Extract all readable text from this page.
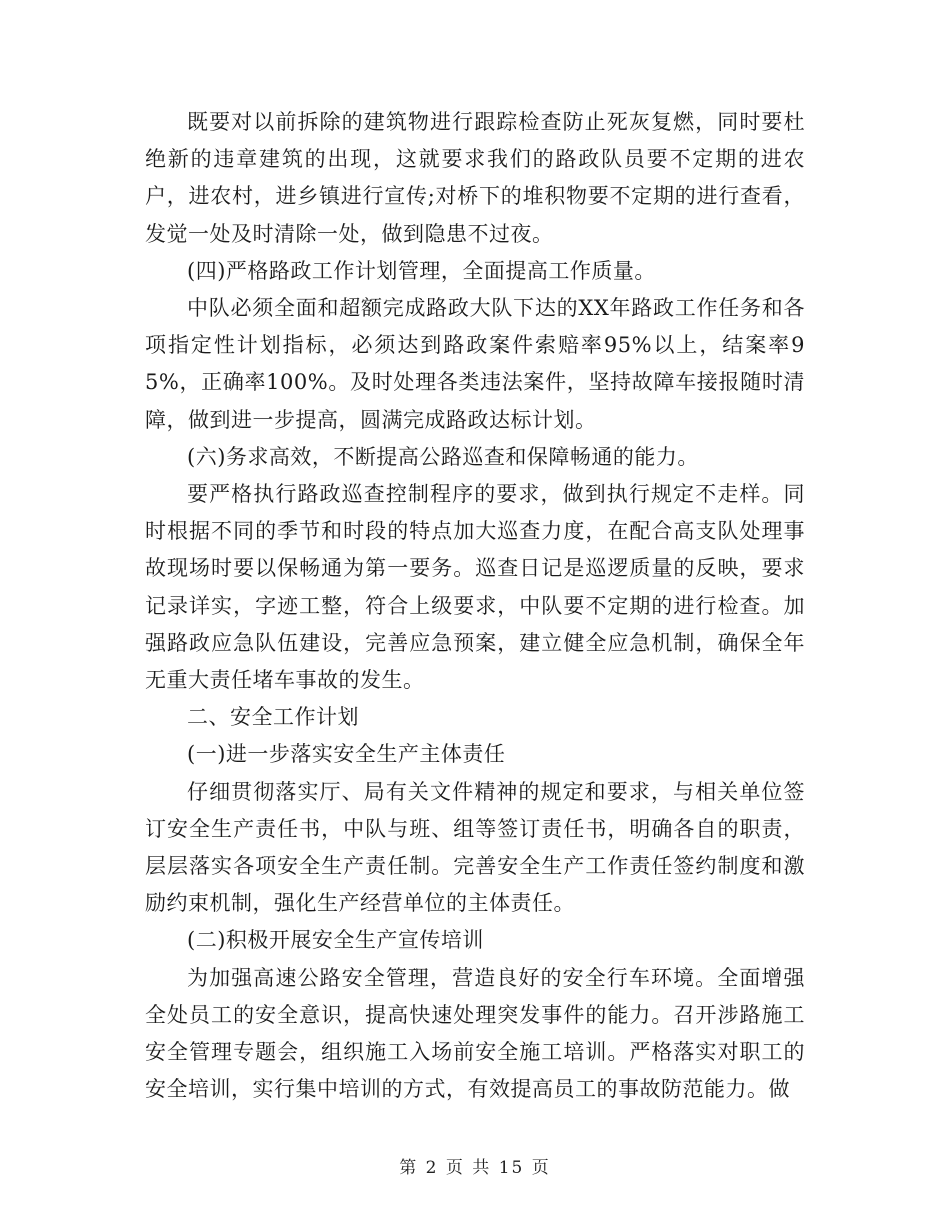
既要对以前拆除的建筑物进行跟踪检查防止死灰复燃，同时要杜绝新的违章建筑的出现，这就要求我们的路政队员要不定期的进农户，进农村，进乡镇进行宣传;对桥下的堆积物要不定期的进行查看，发觉一处及时清除一处，做到隐患不过夜。

(四)严格路政工作计划管理，全面提高工作质量。

中队必须全面和超额完成路政大队下达的XX年路政工作任务和各项指定性计划指标，必须达到路政案件索赔率95%以上，结案率95%，正确率100%。及时处理各类违法案件，坚持故障车接报随时清障，做到进一步提高，圆满完成路政达标计划。

(六)务求高效，不断提高公路巡查和保障畅通的能力。

要严格执行路政巡查控制程序的要求，做到执行规定不走样。同时根据不同的季节和时段的特点加大巡查力度，在配合高支队处理事故现场时要以保畅通为第一要务。巡查日记是巡逻质量的反映，要求记录详实，字迹工整，符合上级要求，中队要不定期的进行检查。加强路政应急队伍建设，完善应急预案，建立健全应急机制，确保全年无重大责任堵车事故的发生。

二、安全工作计划

(一)进一步落实安全生产主体责任

仔细贯彻落实厅、局有关文件精神的规定和要求，与相关单位签订安全生产责任书，中队与班、组等签订责任书，明确各自的职责，层层落实各项安全生产责任制。完善安全生产工作责任签约制度和激励约束机制，强化生产经营单位的主体责任。

(二)积极开展安全生产宣传培训

为加强高速公路安全管理，营造良好的安全行车环境。全面增强全处员工的安全意识，提高快速处理突发事件的能力。召开涉路施工安全管理专题会，组织施工入场前安全施工培训。严格落实对职工的安全培训，实行集中培训的方式，有效提高员工的事故防范能力。做

第 2 页 共 15 页
